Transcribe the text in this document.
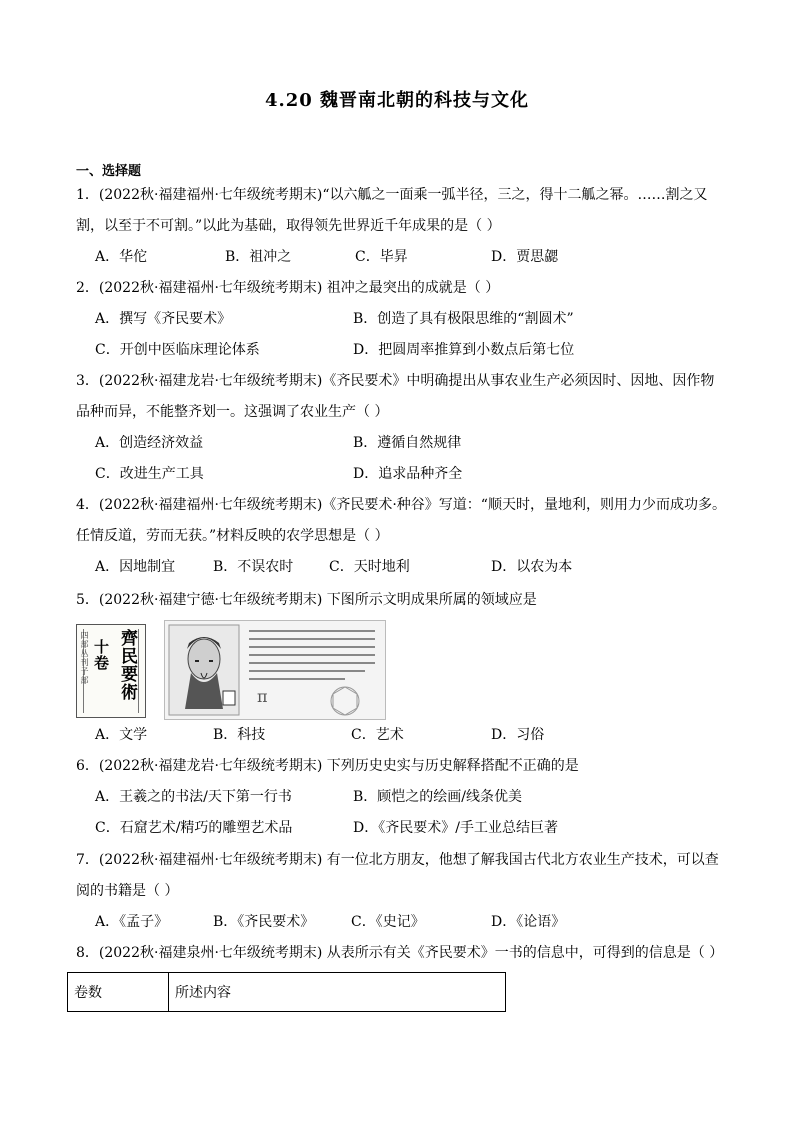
4.20 魏晋南北朝的科技与文化
一、选择题
1．(2022秋·福建福州·七年级统考期末)“以六觚之一面乘一弧半径，三之，得十二觚之幂。……割之又割，以至于不可割。”以此为基础，取得领先世界近千年成果的是（ ）
A．华佗	B．祖冲之	C．毕昇	D．贾思勰
2．(2022秋·福建福州·七年级统考期末) 祖冲之最突出的成就是（ ）
A．撰写《齐民要术》	B．创造了具有极限思维的“割圆术”
C．开创中医临床理论体系	D．把圆周率推算到小数点后第七位
3．(2022秋·福建龙岩·七年级统考期末)《齐民要术》中明确提出从事农业生产必须因时、因地、因作物品种而异，不能整齐划一。这强调了农业生产（ ）
A．创造经济效益	B．遵循自然规律
C．改进生产工具	D．追求品种齐全
4．(2022秋·福建福州·七年级统考期末)《齐民要术·种谷》写道：“顺天时，量地利，则用力少而成功多。任情反道，劳而无获。”材料反映的农学思想是（ ）
A．因地制宜	B．不误农时	C．天时地利	D．以农为本
5．(2022秋·福建宁德·七年级统考期末) 下图所示文明成果所属的领域应是
四部丛刊子部 十卷 齊民要術	π
A．文学	B．科技	C．艺术	D．习俗
6．(2022秋·福建龙岩·七年级统考期末) 下列历史史实与历史解释搭配不正确的是
A．王羲之的书法/天下第一行书	B．顾恺之的绘画/线条优美
C．石窟艺术/精巧的雕塑艺术品	D．《齐民要术》/手工业总结巨著
7．(2022秋·福建福州·七年级统考期末) 有一位北方朋友，他想了解我国古代北方农业生产技术，可以查阅的书籍是（ ）
A．《孟子》	B．《齐民要术》	C．《史记》	D．《论语》
8．(2022秋·福建泉州·七年级统考期末) 从表所示有关《齐民要术》一书的信息中，可得到的信息是（ ）
卷数	所述内容
